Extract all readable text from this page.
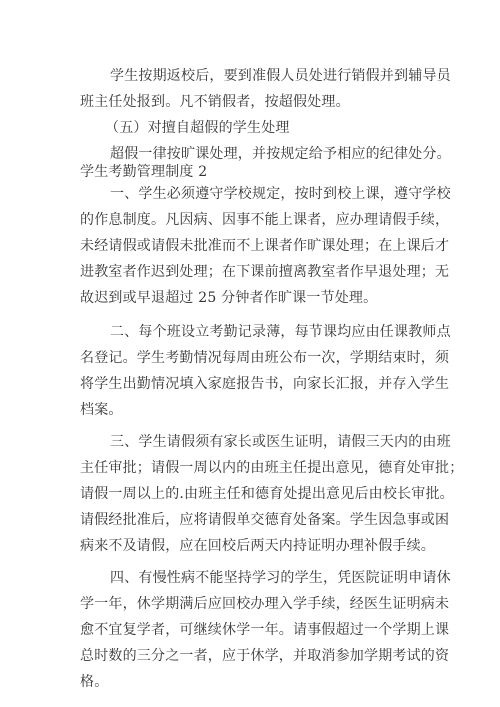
学生按期返校后，要到准假人员处进行销假并到辅导员
班主任处报到。凡不销假者，按超假处理。
（五）对擅自超假的学生处理
超假一律按旷课处理，并按规定给予相应的纪律处分。
学生考勤管理制度 2
一、学生必须遵守学校规定，按时到校上课，遵守学校
的作息制度。凡因病、因事不能上课者，应办理请假手续，
未经请假或请假未批准而不上课者作旷课处理；在上课后才
进教室者作迟到处理；在下课前擅离教室者作早退处理；无
故迟到或早退超过 25 分钟者作旷课一节处理。
二、每个班设立考勤记录薄，每节课均应由任课教师点
名登记。学生考勤情况每周由班公布一次，学期结束时，须
将学生出勤情况填入家庭报告书，向家长汇报，并存入学生
档案。
三、学生请假须有家长或医生证明，请假三天内的由班
主任审批；请假一周以内的由班主任提出意见，德育处审批；
请假一周以上的.由班主任和德育处提出意见后由校长审批。
请假经批准后，应将请假单交德育处备案。学生因急事或困
病来不及请假，应在回校后两天内持证明办理补假手续。
四、有慢性病不能坚持学习的学生，凭医院证明申请休
学一年，休学期满后应回校办理入学手续，经医生证明病未
愈不宜复学者，可继续休学一年。请事假超过一个学期上课
总时数的三分之一者，应于休学，并取消参加学期考试的资
格。
